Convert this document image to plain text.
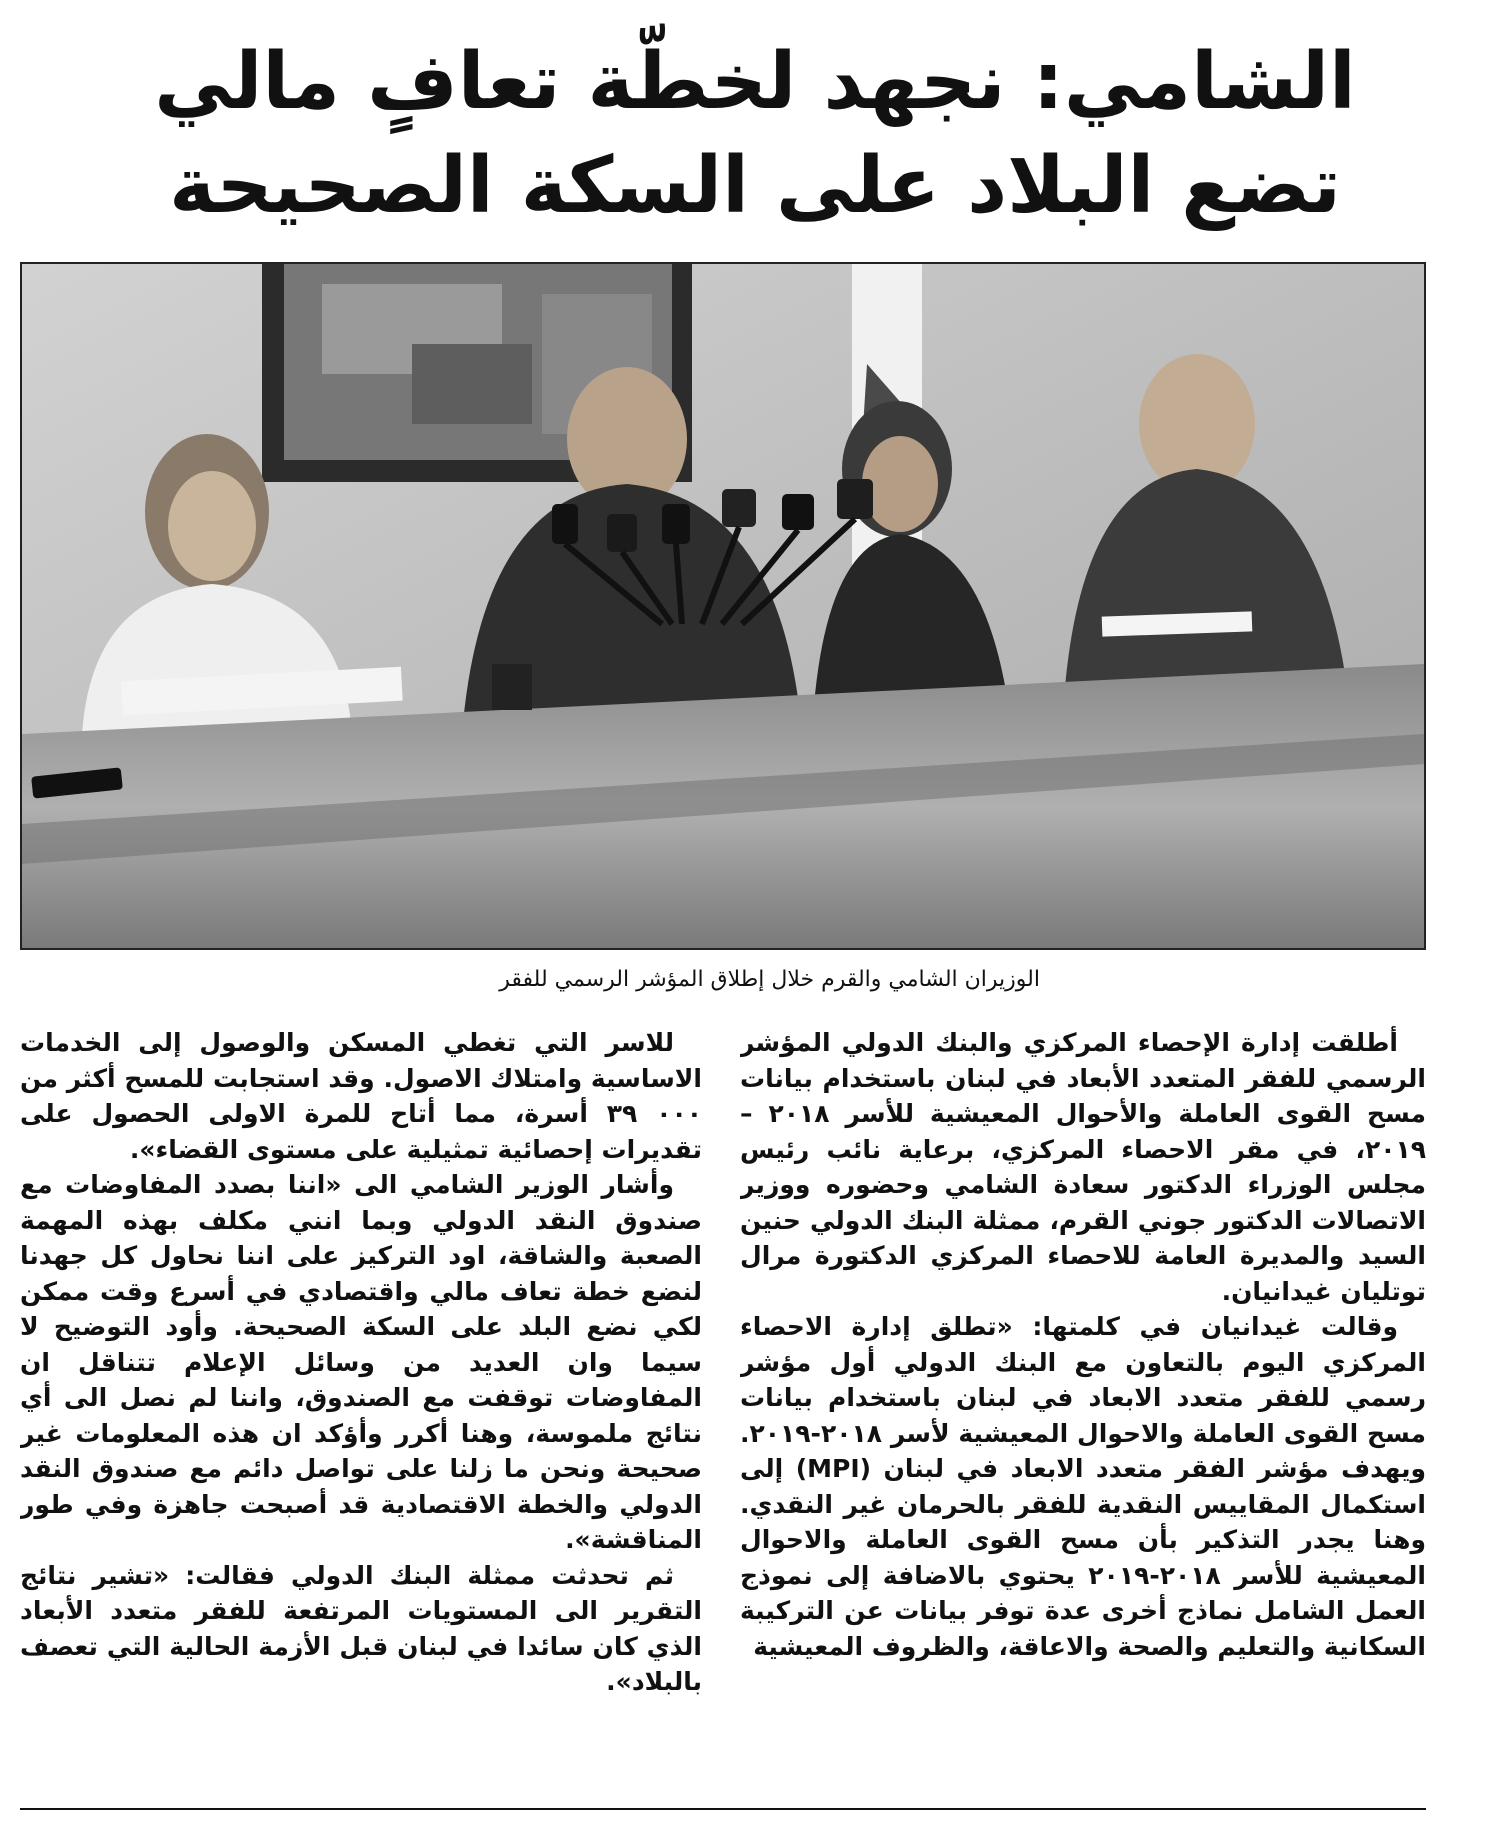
الشامي: نجهد لخطّة تعافٍ مالي
تضع البلاد على السكة الصحيحة
الوزيران الشامي والقرم خلال إطلاق المؤشر الرسمي للفقر

أطلقت إدارة الإحصاء المركزي والبنك الدولي المؤشر الرسمي للفقر المتعدد الأبعاد في لبنان باستخدام بيانات مسح القوى العاملة والأحوال المعيشية للأسر ٢٠١٨ – ٢٠١٩، في مقر الاحصاء المركزي، برعاية نائب رئيس مجلس الوزراء الدكتور سعادة الشامي وحضوره ووزير الاتصالات الدكتور جوني القرم، ممثلة البنك الدولي حنين السيد والمديرة العامة للاحصاء المركزي الدكتورة مرال توتليان غيدانيان.

وقالت غيدانيان في كلمتها: «تطلق إدارة الاحصاء المركزي اليوم بالتعاون مع البنك الدولي أول مؤشر رسمي للفقر متعدد الابعاد في لبنان باستخدام بيانات مسح القوى العاملة والاحوال المعيشية لأسر ٢٠١٨-٢٠١٩. ويهدف مؤشر الفقر متعدد الابعاد في لبنان (MPI) إلى استكمال المقاييس النقدية للفقر بالحرمان غير النقدي. وهنا يجدر التذكير بأن مسح القوى العاملة والاحوال المعيشية للأسر ٢٠١٨-٢٠١٩ يحتوي بالاضافة إلى نموذج العمل الشامل نماذج أخرى عدة توفر بيانات عن التركيبة السكانية والتعليم والصحة والاعاقة، والظروف المعيشية

للاسر التي تغطي المسكن والوصول إلى الخدمات الاساسية وامتلاك الاصول. وقد استجابت للمسح أكثر من ٠٠٠ ٣٩ أسرة، مما أتاح للمرة الاولى الحصول على تقديرات إحصائية تمثيلية على مستوى القضاء».

وأشار الوزير الشامي الى «اننا بصدد المفاوضات مع صندوق النقد الدولي وبما انني مكلف بهذه المهمة الصعبة والشاقة، اود التركيز على اننا نحاول كل جهدنا لنضع خطة تعاف مالي واقتصادي في أسرع وقت ممكن لكي نضع البلد على السكة الصحيحة. وأود التوضيح لا سيما وان العديد من وسائل الإعلام تتناقل ان المفاوضات توقفت مع الصندوق، واننا لم نصل الى أي نتائج ملموسة، وهنا أكرر وأؤكد ان هذه المعلومات غير صحيحة ونحن ما زلنا على تواصل دائم مع صندوق النقد الدولي والخطة الاقتصادية قد أصبحت جاهزة وفي طور المناقشة».

ثم تحدثت ممثلة البنك الدولي فقالت: «تشير نتائج التقرير الى المستويات المرتفعة للفقر متعدد الأبعاد الذي كان سائدا في لبنان قبل الأزمة الحالية التي تعصف بالبلاد».
